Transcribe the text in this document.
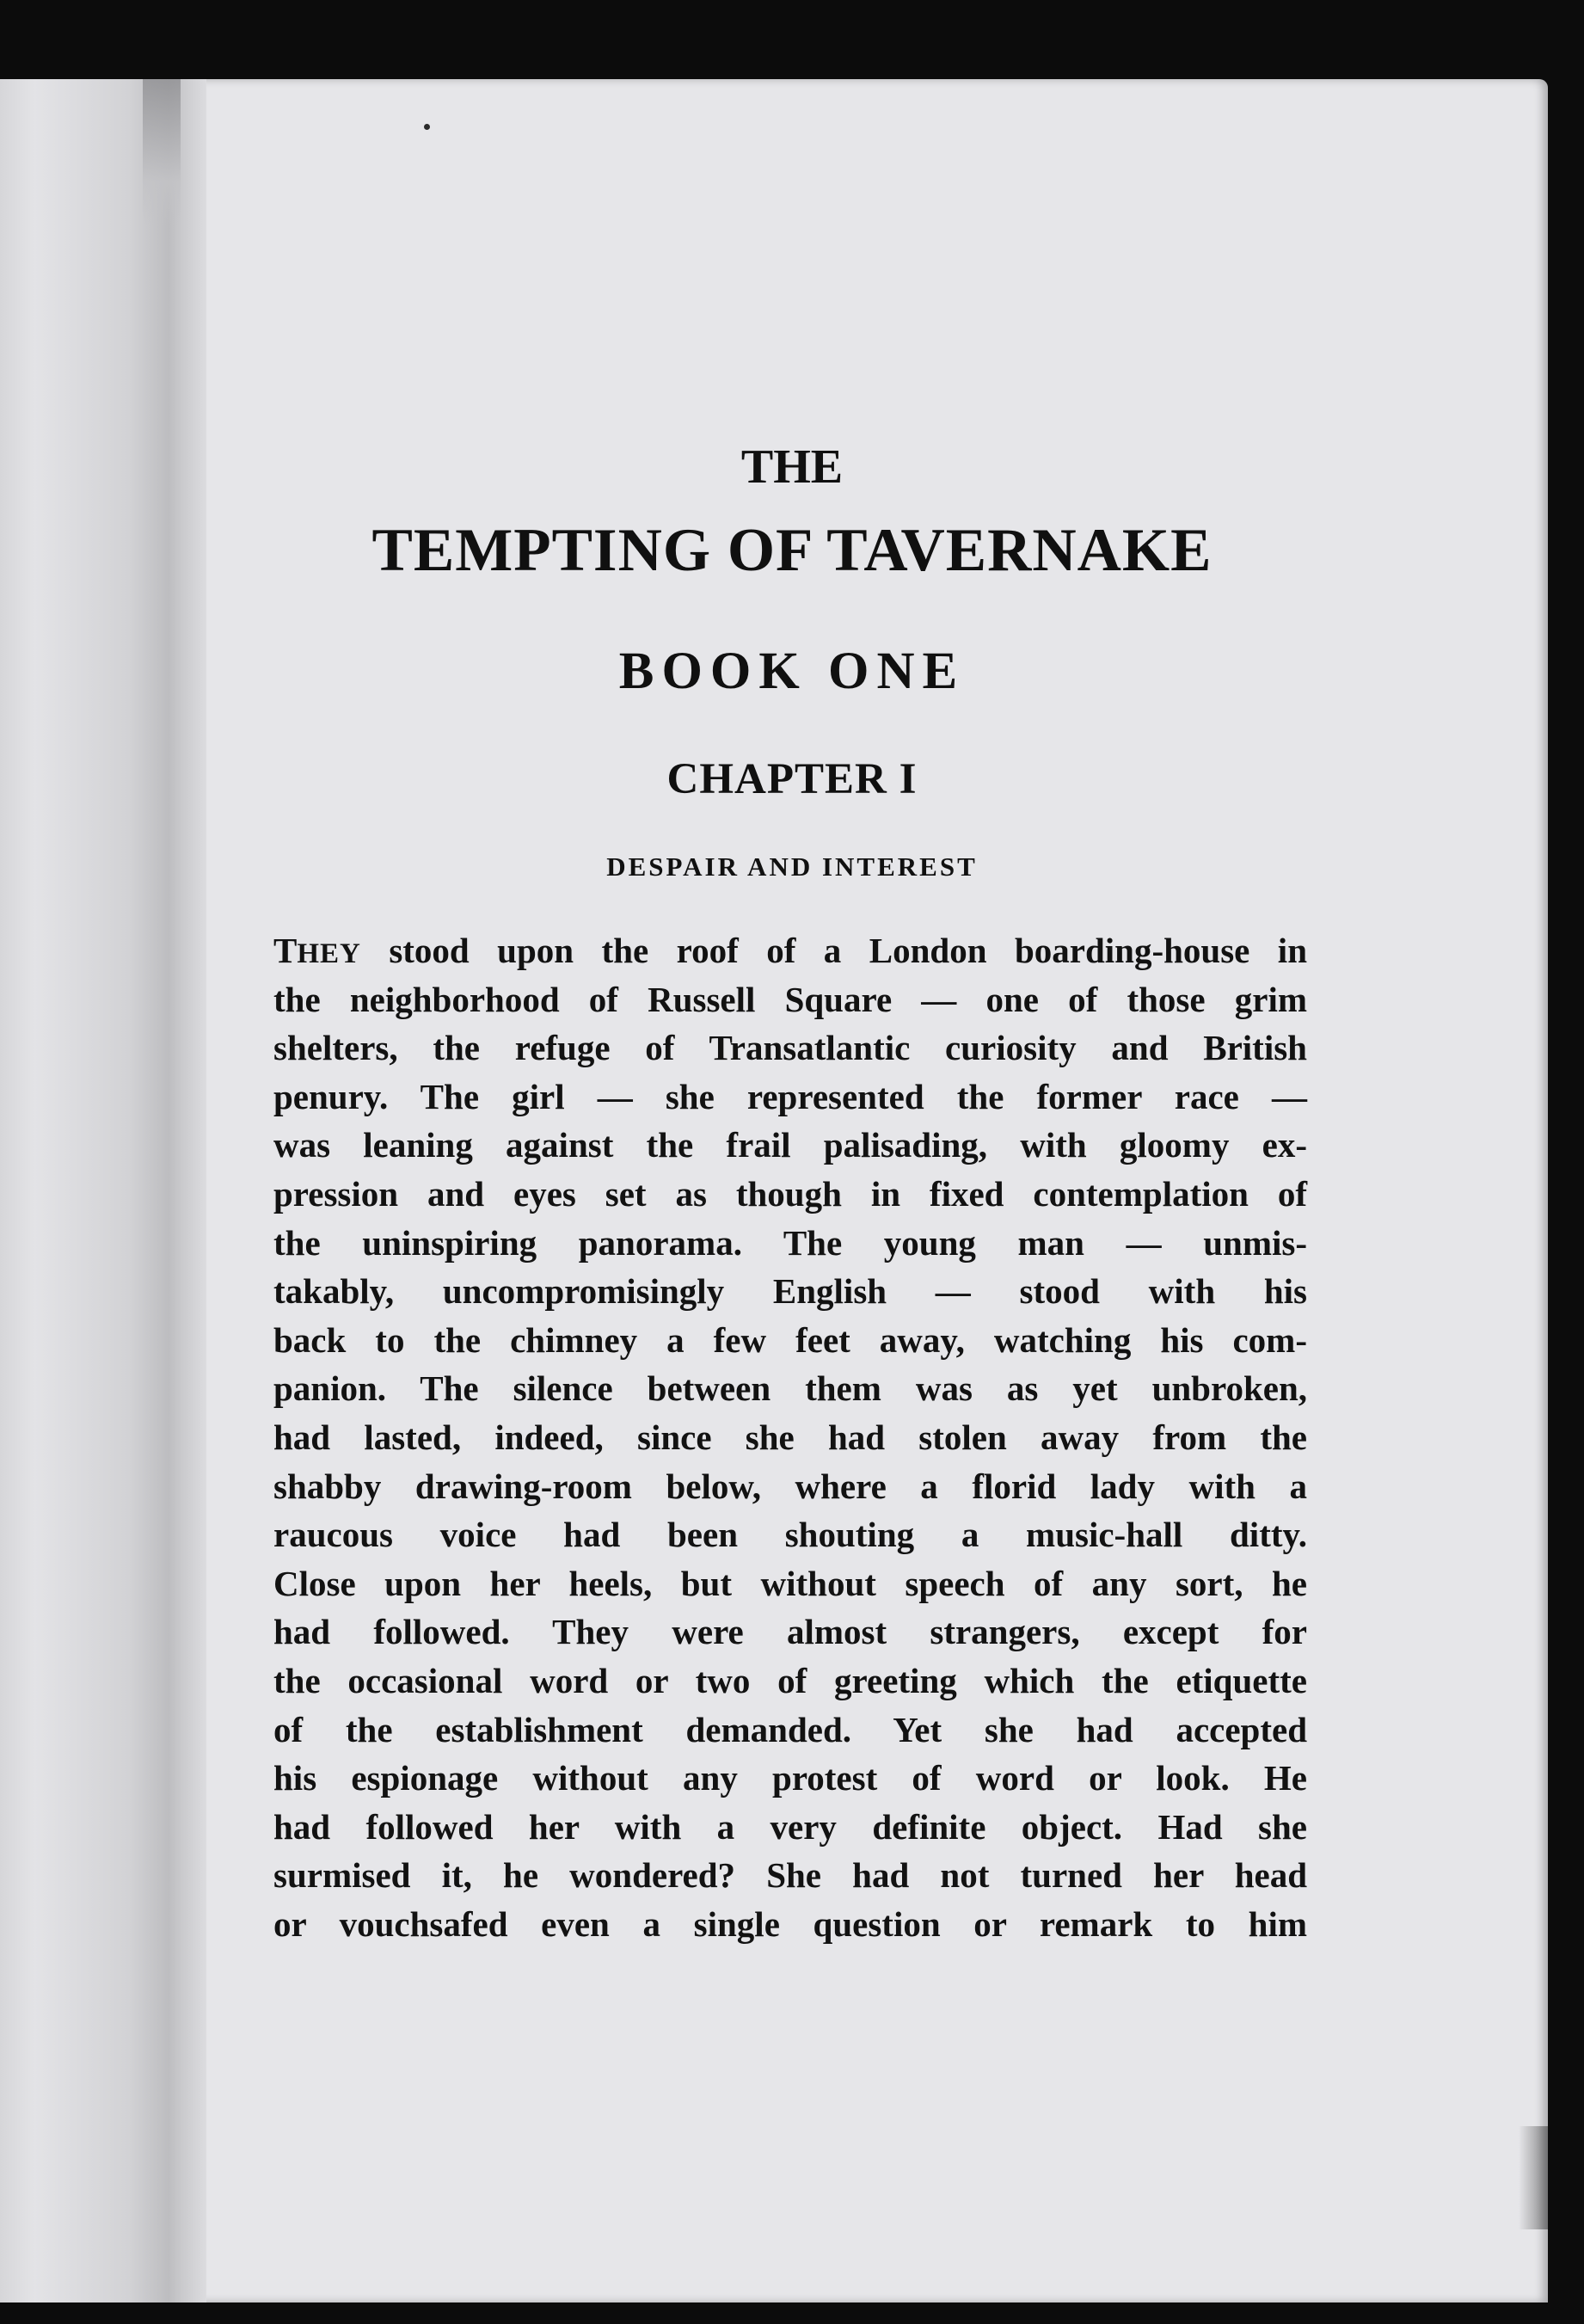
THE
TEMPTING OF TAVERNAKE
BOOK ONE
CHAPTER I
DESPAIR AND INTEREST
THEY stood upon the roof of a London boarding-house in
the neighborhood of Russell Square — one of those grim
shelters, the refuge of Transatlantic curiosity and British
penury. The girl — she represented the former race —
was leaning against the frail palisading, with gloomy ex-
pression and eyes set as though in fixed contemplation of
the uninspiring panorama. The young man — unmis-
takably, uncompromisingly English — stood with his
back to the chimney a few feet away, watching his com-
panion. The silence between them was as yet unbroken,
had lasted, indeed, since she had stolen away from the
shabby drawing-room below, where a florid lady with a
raucous voice had been shouting a music-hall ditty.
Close upon her heels, but without speech of any sort, he
had followed. They were almost strangers, except for
the occasional word or two of greeting which the etiquette
of the establishment demanded. Yet she had accepted
his espionage without any protest of word or look. He
had followed her with a very definite object. Had she
surmised it, he wondered? She had not turned her head
or vouchsafed even a single question or remark to him
